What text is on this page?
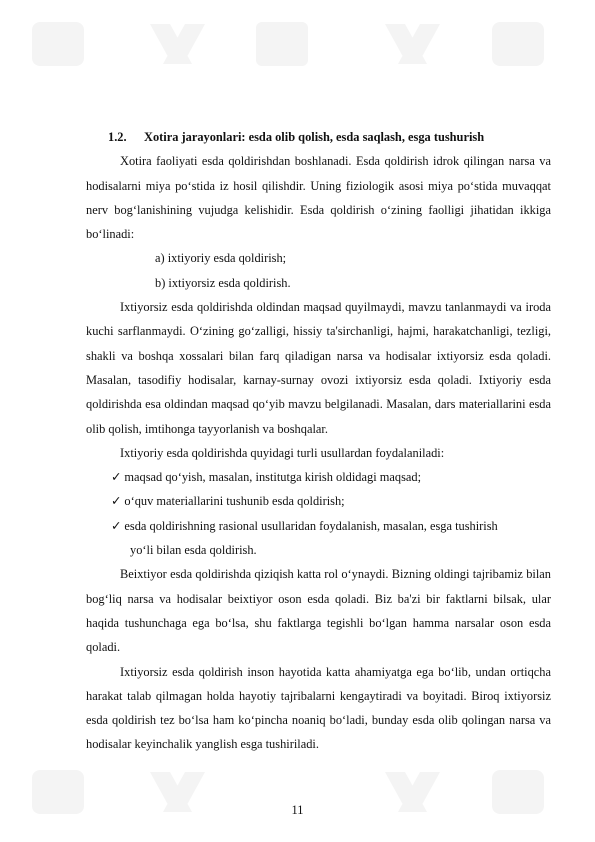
1.2. Xotira jarayonlari: esda olib qolish, esda saqlash, esga tushurish

Xotira faoliyati esda qoldirishdan boshlanadi. Esda qoldirish idrok qilingan narsa va hodisalarni miya po‘stida iz hosil qilishdir. Uning fiziologik asosi miya po‘stida muvaqqat nerv bog‘lanishining vujudga kelishidir. Esda qoldirish o‘zining faolligi jihatidan ikkiga bo‘linadi:

a) ixtiyoriy esda qoldirish;

b) ixtiyorsiz esda qoldirish.

Ixtiyorsiz esda qoldirishda oldindan maqsad quyilmaydi, mavzu tanlanmaydi va iroda kuchi sarflanmaydi. O‘zining go‘zalligi, hissiy ta'sirchanligi, hajmi, harakatchanligi, tezligi, shakli va boshqa xossalari bilan farq qiladigan narsa va hodisalar ixtiyorsiz esda qoladi. Masalan, tasodifiy hodisalar, karnay-surnay ovozi ixtiyorsiz esda qoladi. Ixtiyoriy esda qoldirishda esa oldindan maqsad qo‘yib mavzu belgilanadi. Masalan, dars materiallarini esda olib qolish, imtihonga tayyorlanish va boshqalar.

Ixtiyoriy esda qoldirishda quyidagi turli usullardan foydalaniladi:

✓ maqsad qo‘yish, masalan, institutga kirish oldidagi maqsad;

✓ o‘quv materiallarini tushunib esda qoldirish;

✓ esda qoldirishning rasional usullaridan foydalanish, masalan, esga tushirish

yo‘li bilan esda qoldirish.

Beixtiyor esda qoldirishda qiziqish katta rol o‘ynaydi. Bizning oldingi tajribamiz bilan bog‘liq narsa va hodisalar beixtiyor oson esda qoladi. Biz ba'zi bir faktlarni bilsak, ular haqida tushunchaga ega bo‘lsa, shu faktlarga tegishli bo‘lgan hamma narsalar oson esda qoladi.

Ixtiyorsiz esda qoldirish inson hayotida katta ahamiyatga ega bo‘lib, undan ortiqcha harakat talab qilmagan holda hayotiy tajribalarni kengaytiradi va boyitadi. Biroq ixtiyorsiz esda qoldirish tez bo‘lsa ham ko‘pincha noaniq bo‘ladi, bunday esda olib qolingan narsa va hodisalar keyinchalik yanglish esga tushiriladi.

11
